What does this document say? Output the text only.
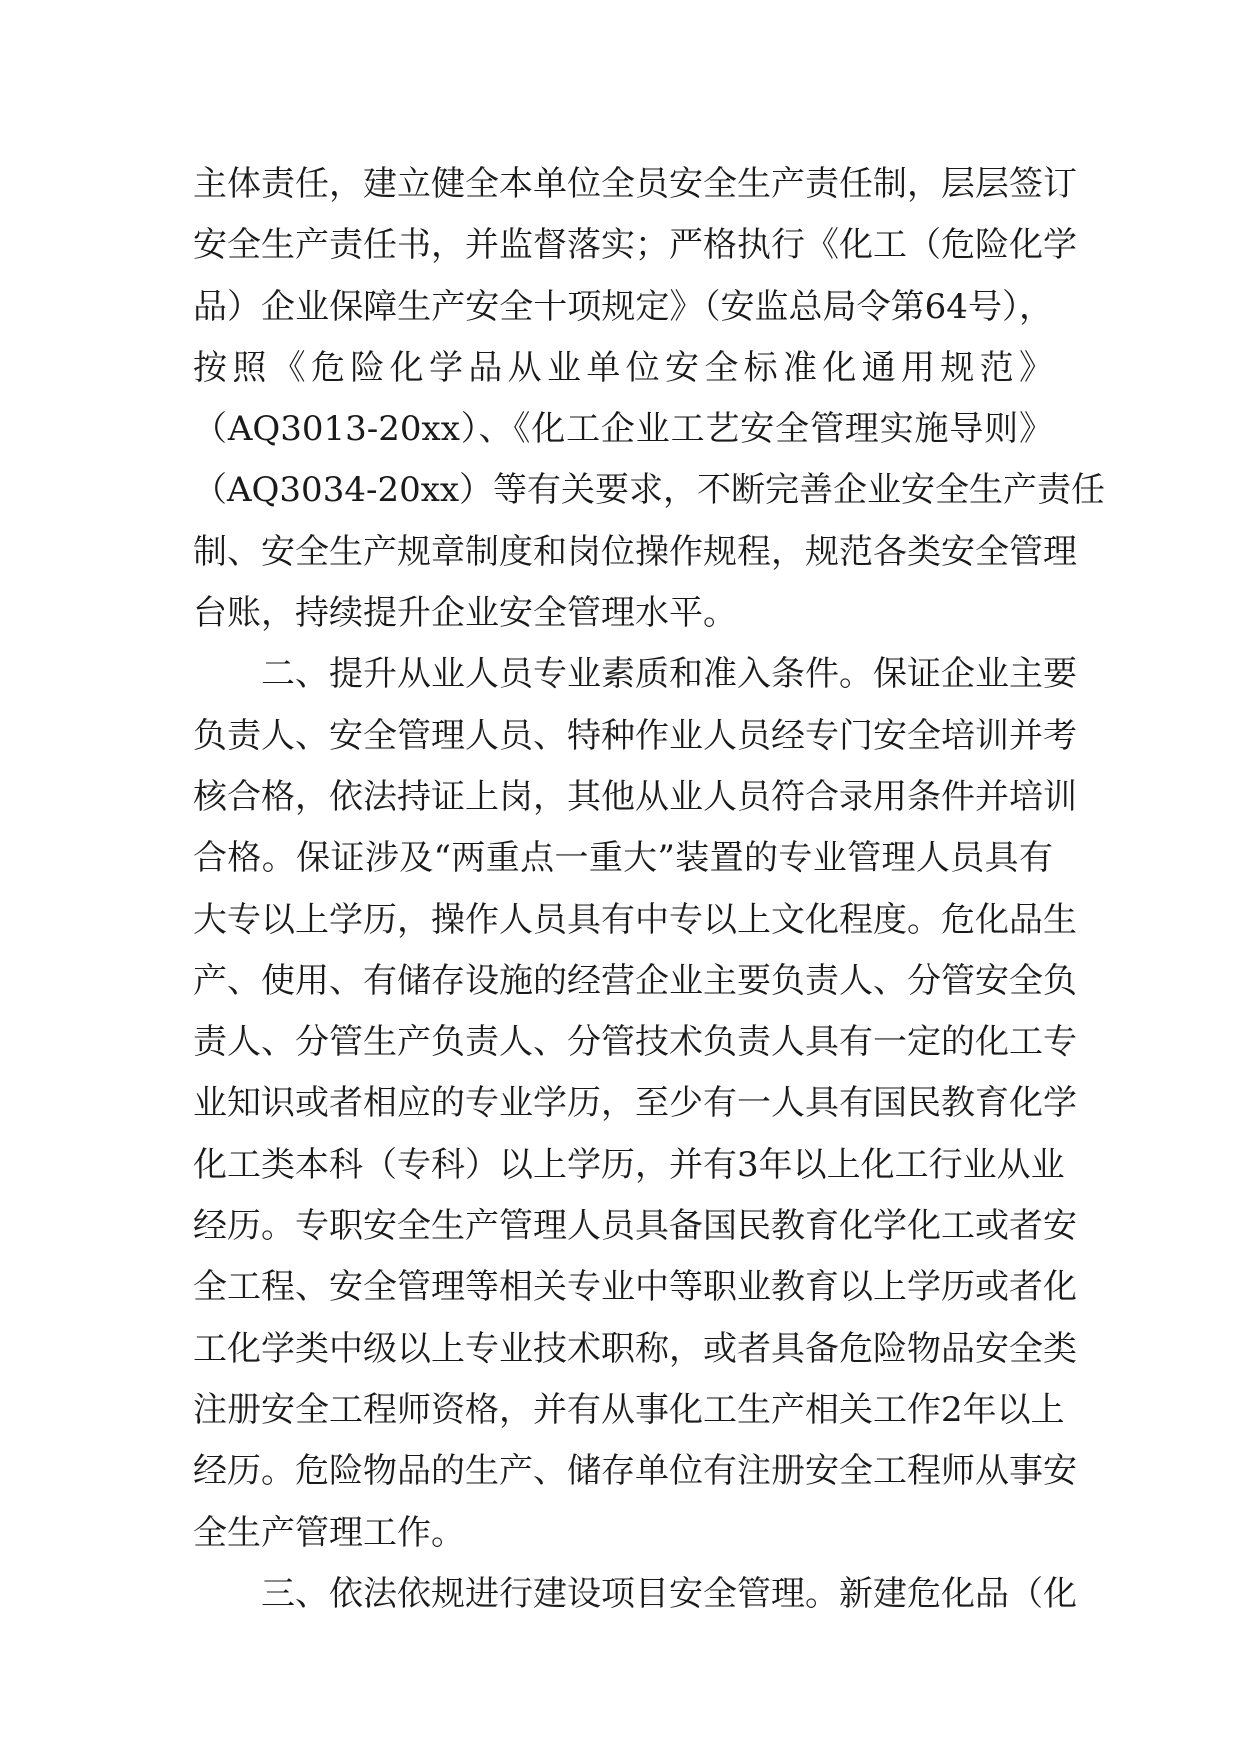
主体责任，建立健全本单位全员安全生产责任制，层层签订
安全生产责任书，并监督落实；严格执行《化工（危险化学
品）企业保障生产安全十项规定》（安监总局令第64号），
按照《危险化学品从业单位安全标准化通用规范》
（AQ3013-20xx）、《化工企业工艺安全管理实施导则》
（AQ3034-20xx）等有关要求，不断完善企业安全生产责任
制、安全生产规章制度和岗位操作规程，规范各类安全管理
台账，持续提升企业安全管理水平。
二、提升从业人员专业素质和准入条件。保证企业主要
负责人、安全管理人员、特种作业人员经专门安全培训并考
核合格，依法持证上岗，其他从业人员符合录用条件并培训
合格。保证涉及“两重点一重大”装置的专业管理人员具有
大专以上学历，操作人员具有中专以上文化程度。危化品生
产、使用、有储存设施的经营企业主要负责人、分管安全负
责人、分管生产负责人、分管技术负责人具有一定的化工专
业知识或者相应的专业学历，至少有一人具有国民教育化学
化工类本科（专科）以上学历，并有3年以上化工行业从业
经历。专职安全生产管理人员具备国民教育化学化工或者安
全工程、安全管理等相关专业中等职业教育以上学历或者化
工化学类中级以上专业技术职称，或者具备危险物品安全类
注册安全工程师资格，并有从事化工生产相关工作2年以上
经历。危险物品的生产、储存单位有注册安全工程师从事安
全生产管理工作。
三、依法依规进行建设项目安全管理。新建危化品（化
